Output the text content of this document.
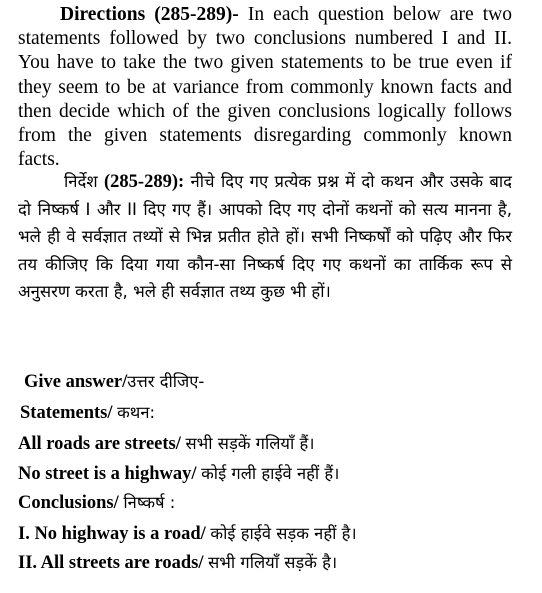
Directions (285-289)- In each question below are two statements followed by two conclusions numbered I and II. You have to take the two given statements to be true even if they seem to be at variance from commonly known facts and then decide which of the given conclusions logically follows from the given statements disregarding commonly known facts.

निर्देश (285-289): नीचे दिए गए प्रत्येक प्रश्न में दो कथन और उसके बाद दो निष्कर्ष I और II दिए गए हैं। आपको दिए गए दोनों कथनों को सत्य मानना है, भले ही वे सर्वज्ञात तथ्यों से भिन्न प्रतीत होते हों। सभी निष्कर्षों को पढ़िए और फिर तय कीजिए कि दिया गया कौन-सा निष्कर्ष दिए गए कथनों का तार्किक रूप से अनुसरण करता है, भले ही सर्वज्ञात तथ्य कुछ भी हों।

Give answer/उत्तर दीजिए-

Statements/ कथन:

All roads are streets/ सभी सड़कें गलियाँ हैं।

No street is a highway/ कोई गली हाईवे नहीं हैं।

Conclusions/ निष्कर्ष :

I. No highway is a road/ कोई हाईवे सड़क नहीं है।

II. All streets are roads/ सभी गलियाँ सड़कें है।
